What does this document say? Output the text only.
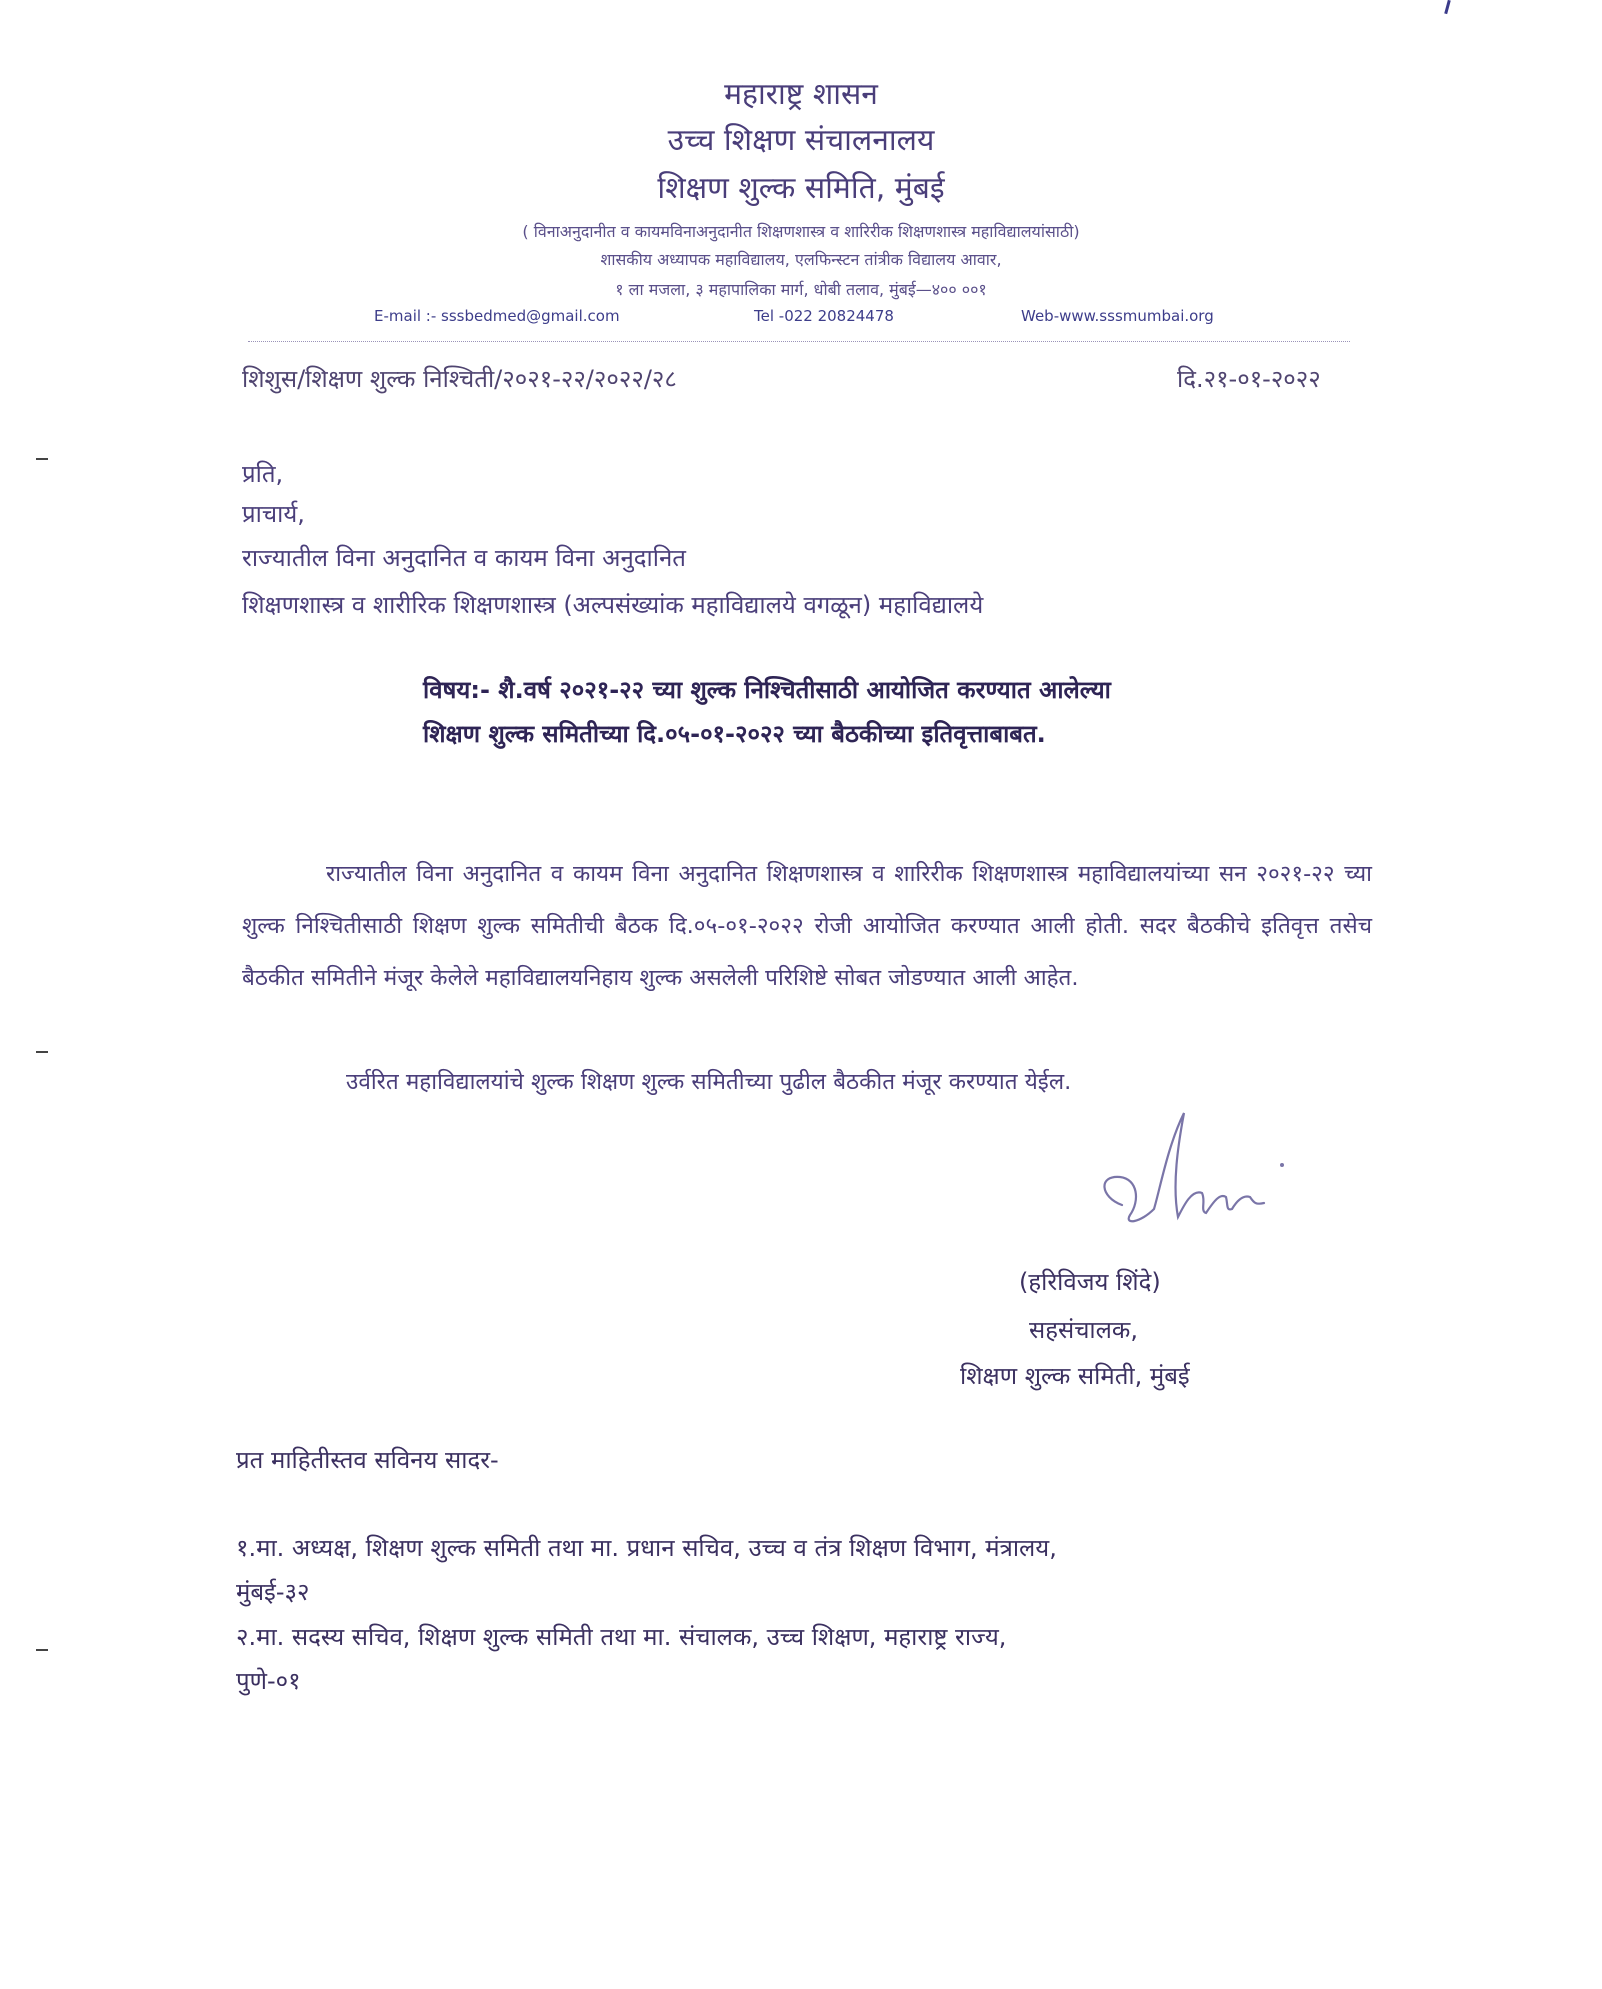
महाराष्ट्र शासन
उच्च शिक्षण संचालनालय
शिक्षण शुल्क समिति, मुंबई
( विनाअनुदानीत व कायमविनाअनुदानीत शिक्षणशास्त्र व शारिरीक शिक्षणशास्त्र महाविद्यालयांसाठी)
शासकीय अध्यापक महाविद्यालय, एलफिन्स्टन तांत्रीक विद्यालय आवार,
१ ला मजला, ३ महापालिका मार्ग, धोबी तलाव, मुंबई—४०० ००१
E-mail :- sssbedmed@gmail.com	Tel -022 20824478	Web-www.sssmumbai.org
शिशुस/शिक्षण शुल्क निश्चिती/२०२१-२२/२०२२/२८	दि.२१-०१-२०२२
प्रति,
प्राचार्य,
राज्यातील विना अनुदानित व कायम विना अनुदानित
शिक्षणशास्त्र व शारीरिक शिक्षणशास्त्र (अल्पसंख्यांक महाविद्यालये वगळून) महाविद्यालये
विषय:- शै.वर्ष २०२१-२२ च्या शुल्क निश्चितीसाठी आयोजित करण्यात आलेल्या
शिक्षण शुल्क समितीच्या दि.०५-०१-२०२२ च्या बैठकीच्या इतिवृत्ताबाबत.
राज्यातील विना अनुदानित व कायम विना अनुदानित शिक्षणशास्त्र व शारिरीक शिक्षणशास्त्र महाविद्यालयांच्या सन २०२१-२२ च्या शुल्क निश्चितीसाठी शिक्षण शुल्क समितीची बैठक दि.०५-०१-२०२२ रोजी आयोजित करण्यात आली होती. सदर बैठकीचे इतिवृत्त तसेच बैठकीत समितीने मंजूर केलेले महाविद्यालयनिहाय शुल्क असलेली परिशिष्टे सोबत जोडण्यात आली आहेत.
उर्वरित महाविद्यालयांचे शुल्क शिक्षण शुल्क समितीच्या पुढील बैठकीत मंजूर करण्यात येईल.
(हरिविजय शिंदे)
सहसंचालक,
शिक्षण शुल्क समिती, मुंबई
प्रत माहितीस्तव सविनय सादर-
१.मा. अध्यक्ष, शिक्षण शुल्क समिती तथा मा. प्रधान सचिव, उच्च व तंत्र शिक्षण विभाग, मंत्रालय,
मुंबई-३२
२.मा. सदस्य सचिव, शिक्षण शुल्क समिती तथा मा. संचालक, उच्च शिक्षण, महाराष्ट्र राज्य,
पुणे-०१
